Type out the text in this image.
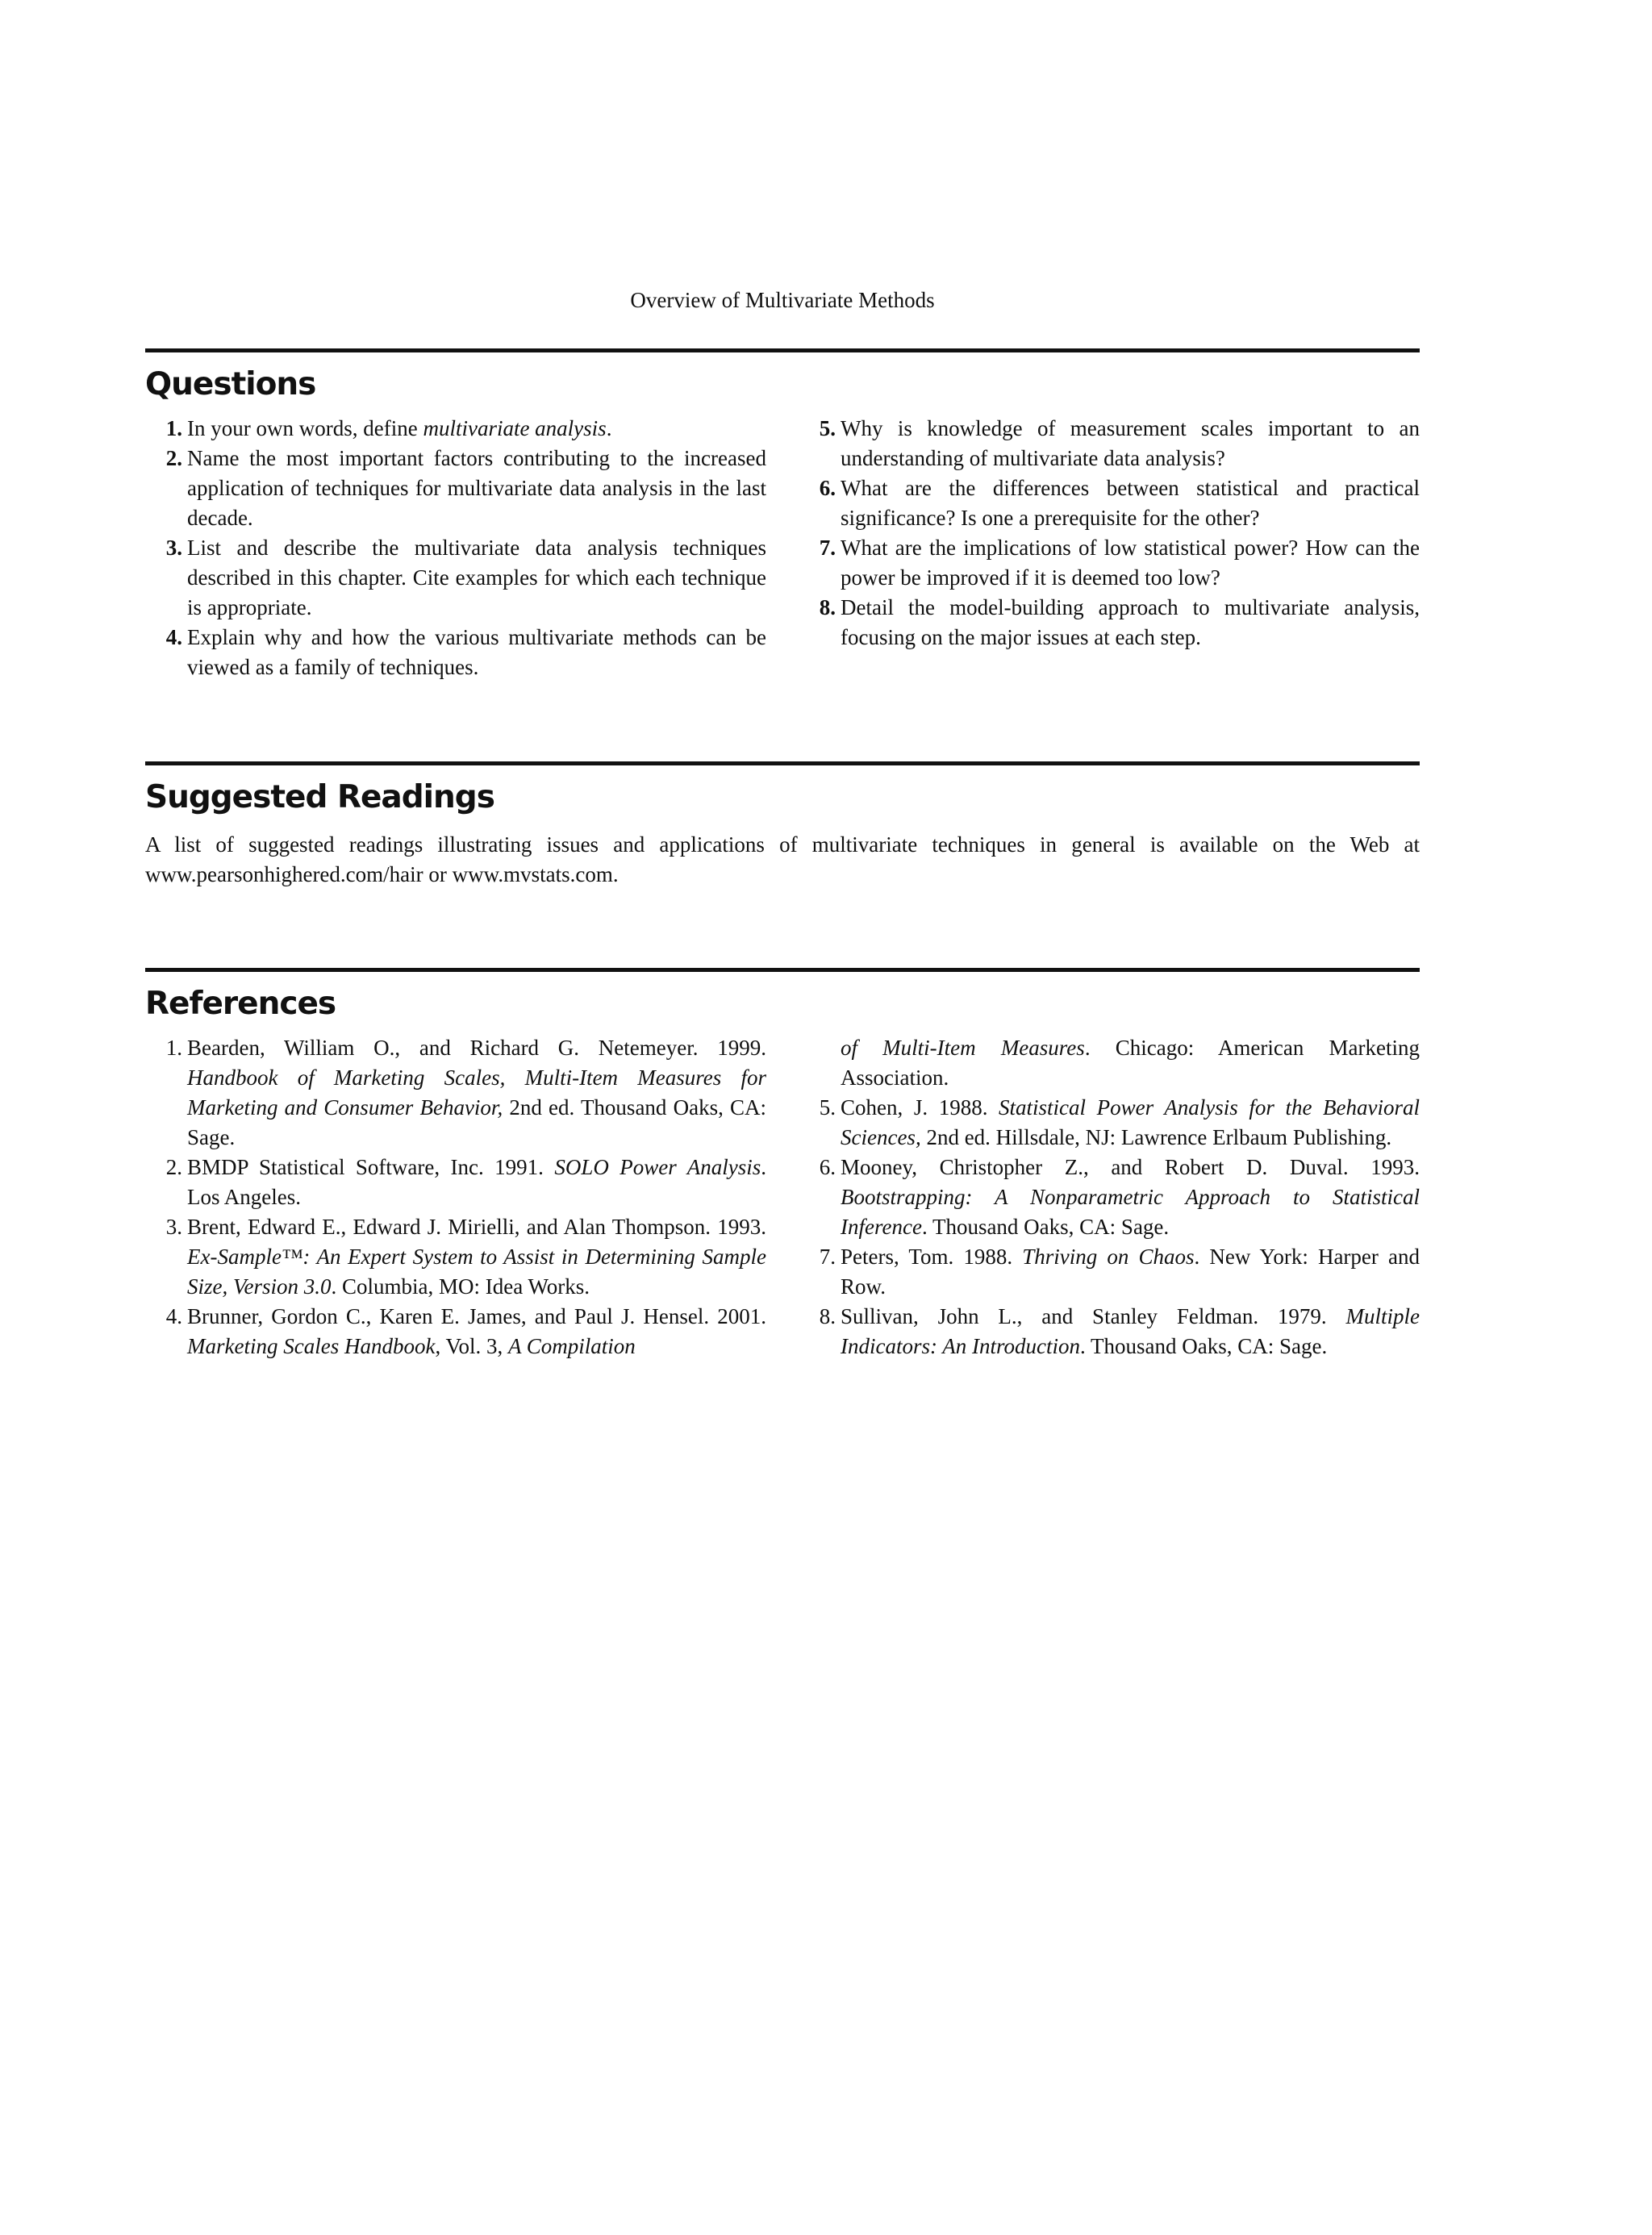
Overview of Multivariate Methods
Questions
1. In your own words, define multivariate analysis.
2. Name the most important factors contributing to the increased application of techniques for multivariate data analysis in the last decade.
3. List and describe the multivariate data analysis techniques described in this chapter. Cite examples for which each technique is appropriate.
4. Explain why and how the various multivariate methods can be viewed as a family of techniques.
5. Why is knowledge of measurement scales important to an understanding of multivariate data analysis?
6. What are the differences between statistical and practical significance? Is one a prerequisite for the other?
7. What are the implications of low statistical power? How can the power be improved if it is deemed too low?
8. Detail the model-building approach to multivariate analysis, focusing on the major issues at each step.
Suggested Readings

A list of suggested readings illustrating issues and applications of multivariate techniques in general is available on the Web at www.pearsonhighered.com/hair or www.mvstats.com.

References
1. Bearden, William O., and Richard G. Netemeyer. 1999. Handbook of Marketing Scales, Multi-Item Measures for Marketing and Consumer Behavior, 2nd ed. Thousand Oaks, CA: Sage.
2. BMDP Statistical Software, Inc. 1991. SOLO Power Analysis. Los Angeles.
3. Brent, Edward E., Edward J. Mirielli, and Alan Thompson. 1993. Ex-Sample™: An Expert System to Assist in Determining Sample Size, Version 3.0. Columbia, MO: Idea Works.
4. Brunner, Gordon C., Karen E. James, and Paul J. Hensel. 2001. Marketing Scales Handbook, Vol. 3, A Compilation
of Multi-Item Measures. Chicago: American Marketing Association.
5. Cohen, J. 1988. Statistical Power Analysis for the Behavioral Sciences, 2nd ed. Hillsdale, NJ: Lawrence Erlbaum Publishing.
6. Mooney, Christopher Z., and Robert D. Duval. 1993. Bootstrapping: A Nonparametric Approach to Statistical Inference. Thousand Oaks, CA: Sage.
7. Peters, Tom. 1988. Thriving on Chaos. New York: Harper and Row.
8. Sullivan, John L., and Stanley Feldman. 1979. Multiple Indicators: An Introduction. Thousand Oaks, CA: Sage.
